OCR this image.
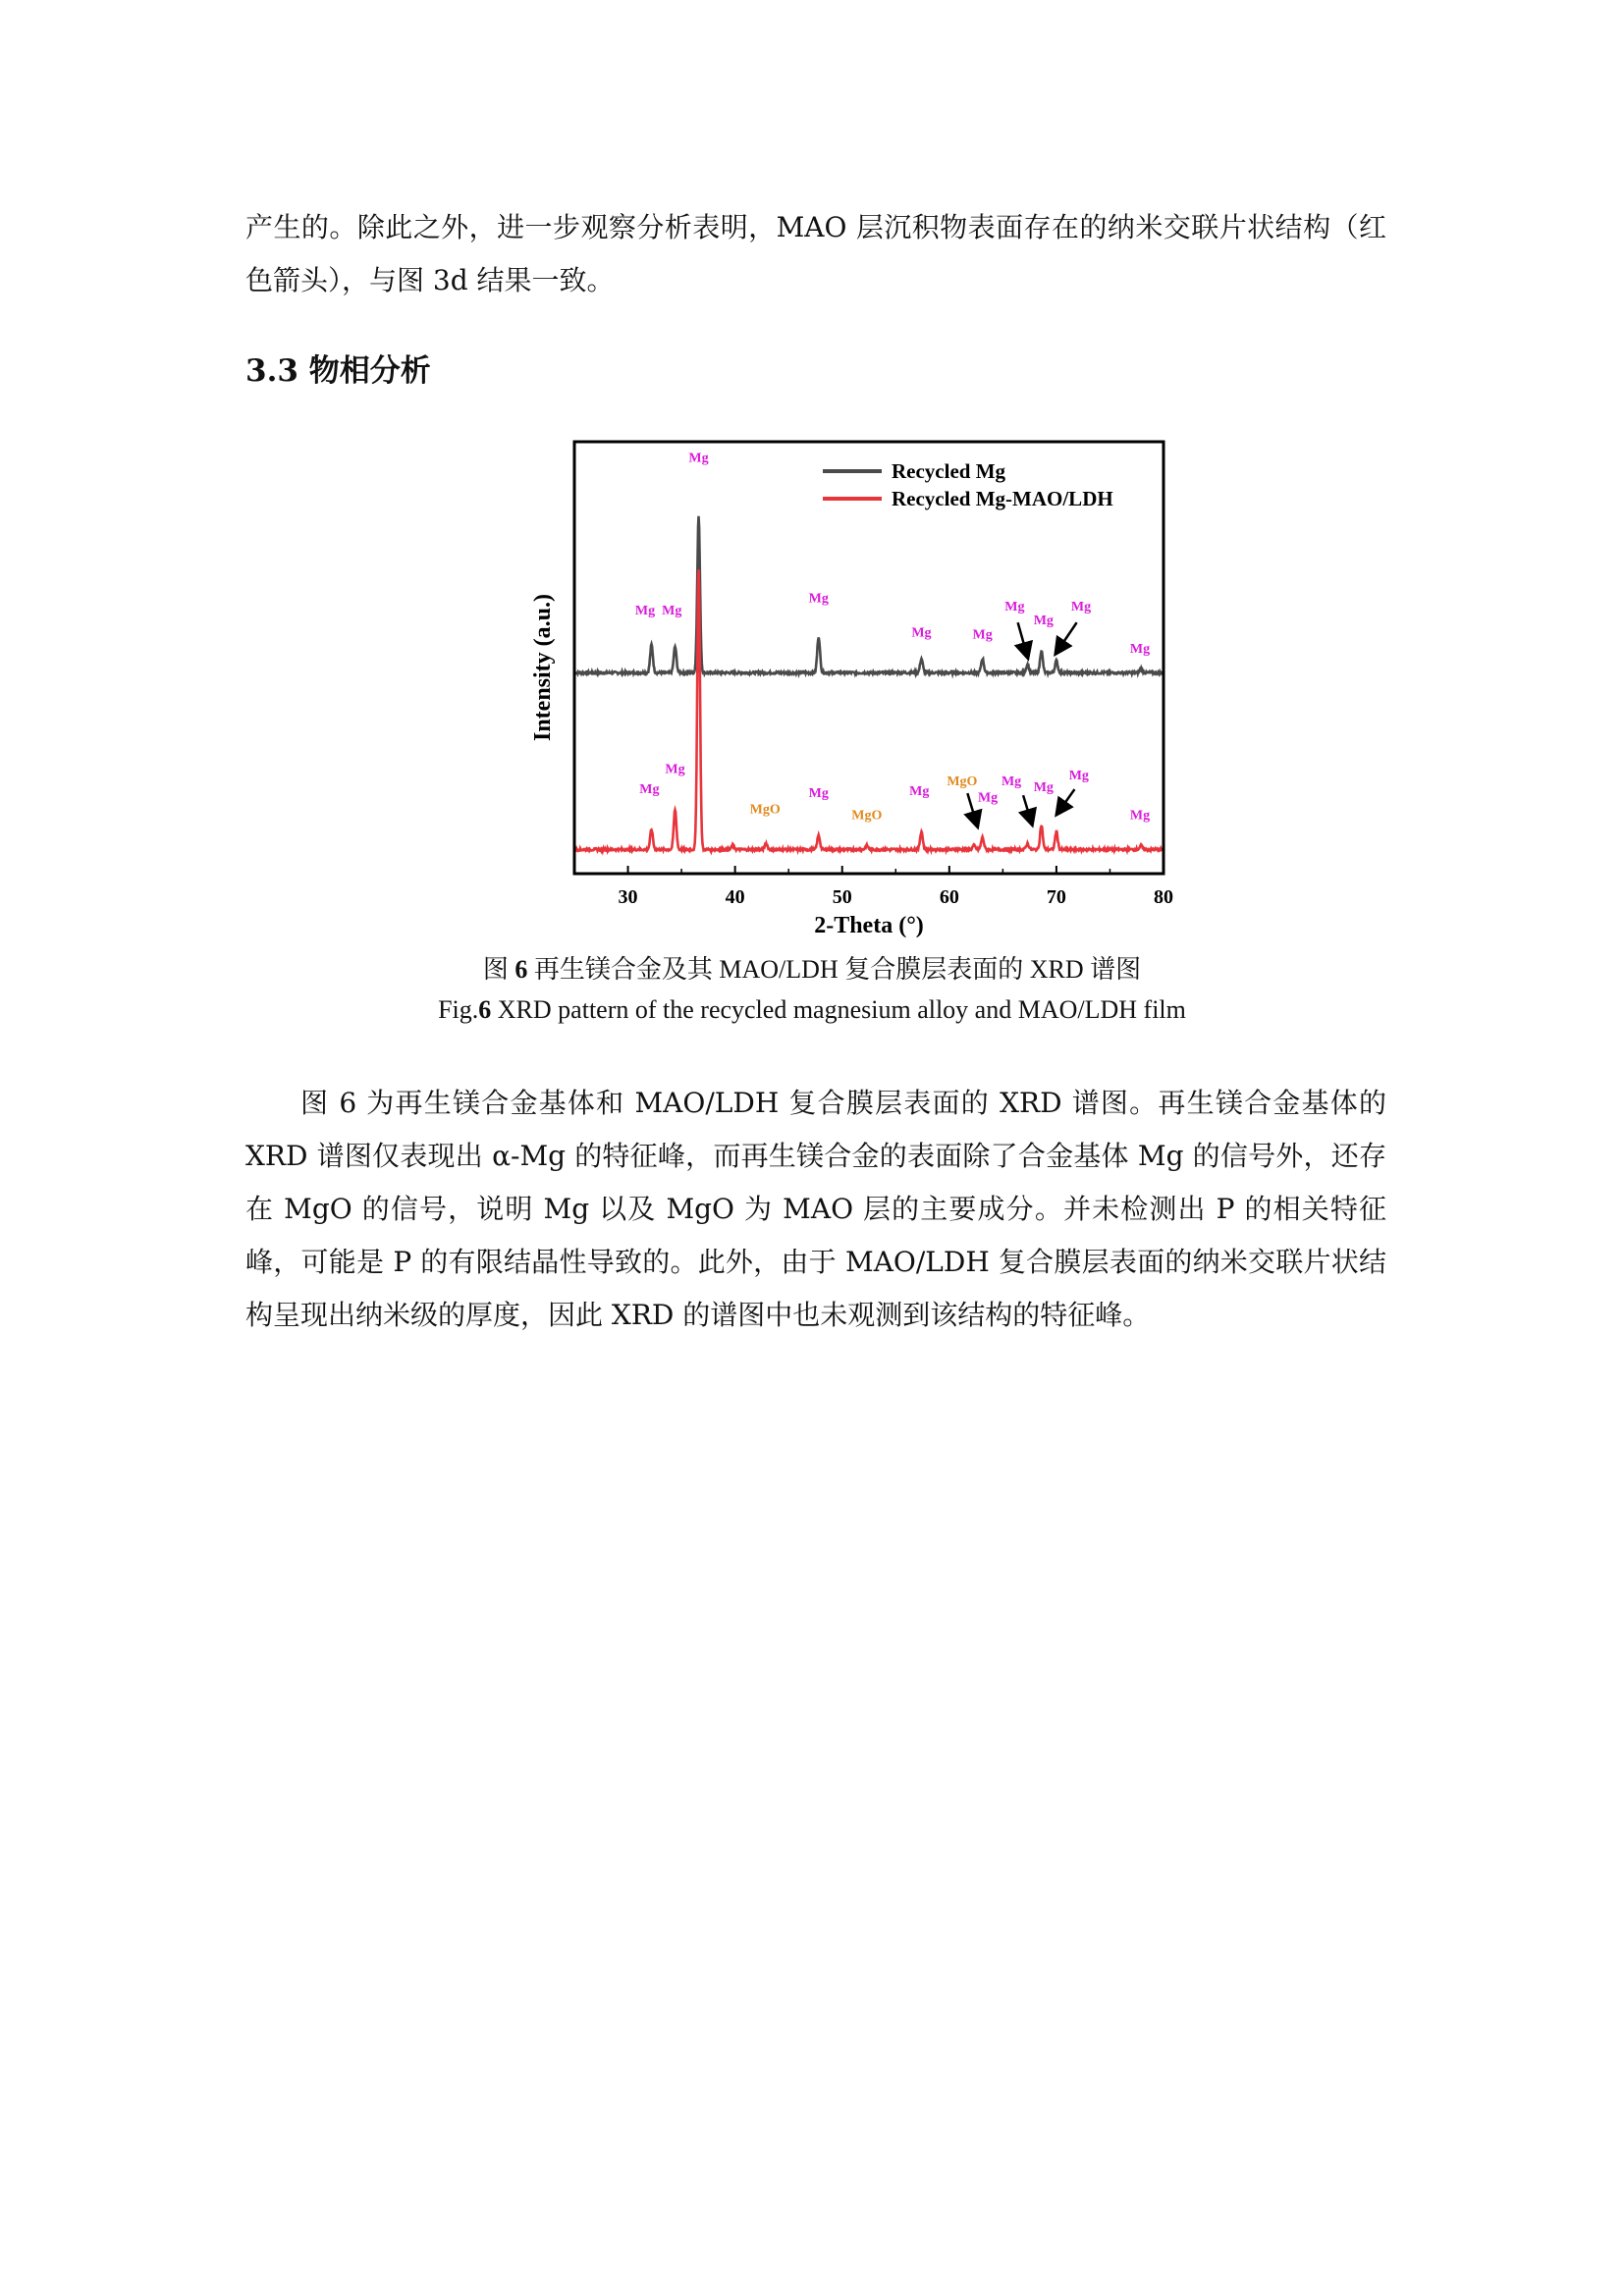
产生的。除此之外，进一步观察分析表明，MAO 层沉积物表面存在的纳米交联片状结构（红色箭头），与图 3d 结果一致。
3.3 物相分析
30	40	50	60	70	80
2-Theta (°)
Intensity (a.u.)
Recycled Mg
Recycled Mg-MAO/LDH
Mg
Mg Mg
Mg
Mg	Mg
Mg
Mg
Mg
Mg
Mg
Mg
MgO
Mg
MgO
Mg
MgO
Mg
Mg Mg
Mg
Mg
图 6 再生镁合金及其 MAO/LDH 复合膜层表面的 XRD 谱图
Fig.6 XRD pattern of the recycled magnesium alloy and MAO/LDH film
图 6 为再生镁合金基体和 MAO/LDH 复合膜层表面的 XRD 谱图。再生镁合金基体的 XRD 谱图仅表现出 α-Mg 的特征峰，而再生镁合金的表面除了合金基体 Mg 的信号外，还存在 MgO 的信号，说明 Mg 以及 MgO 为 MAO 层的主要成分。并未检测出 P 的相关特征峰，可能是 P 的有限结晶性导致的。此外，由于 MAO/LDH 复合膜层表面的纳米交联片状结构呈现出纳米级的厚度，因此 XRD 的谱图中也未观测到该结构的特征峰。
